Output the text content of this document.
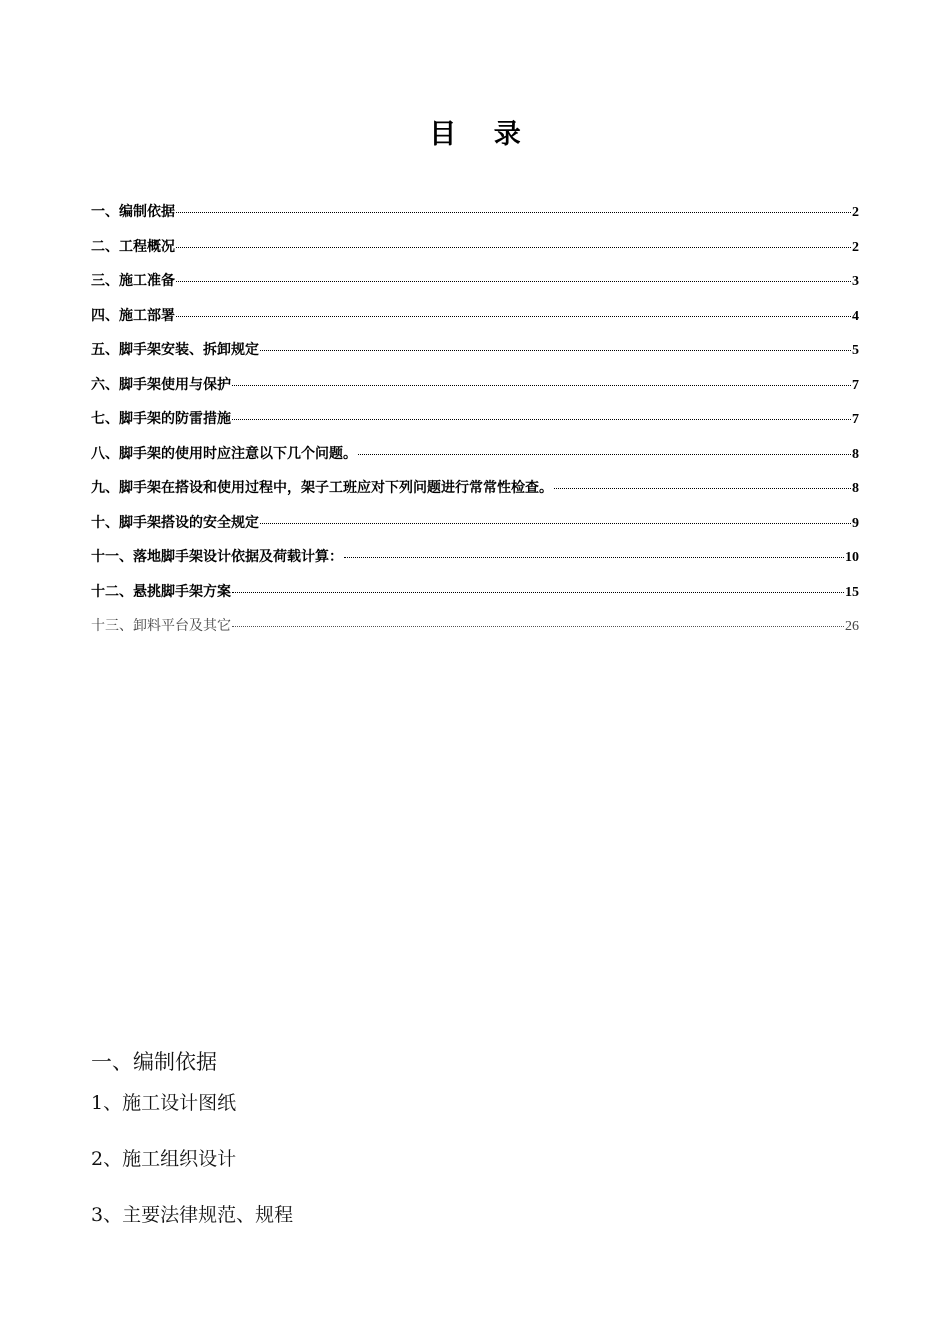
目 录
一、编制依据	2
二、工程概况	2
三、施工准备	3
四、施工部署	4
五、脚手架安装、拆卸规定	5
六、脚手架使用与保护	7
七、脚手架的防雷措施	7
八、脚手架的使用时应注意以下几个问题。	8
九、脚手架在搭设和使用过程中，架子工班应对下列问题进行常常性检查。	8
十、脚手架搭设的安全规定	9
十一、落地脚手架设计依据及荷载计算：	10
十二、悬挑脚手架方案	15
十三、卸料平台及其它	26
一、编制依据
1、施工设计图纸
2、施工组织设计
3、主要法律规范、规程
